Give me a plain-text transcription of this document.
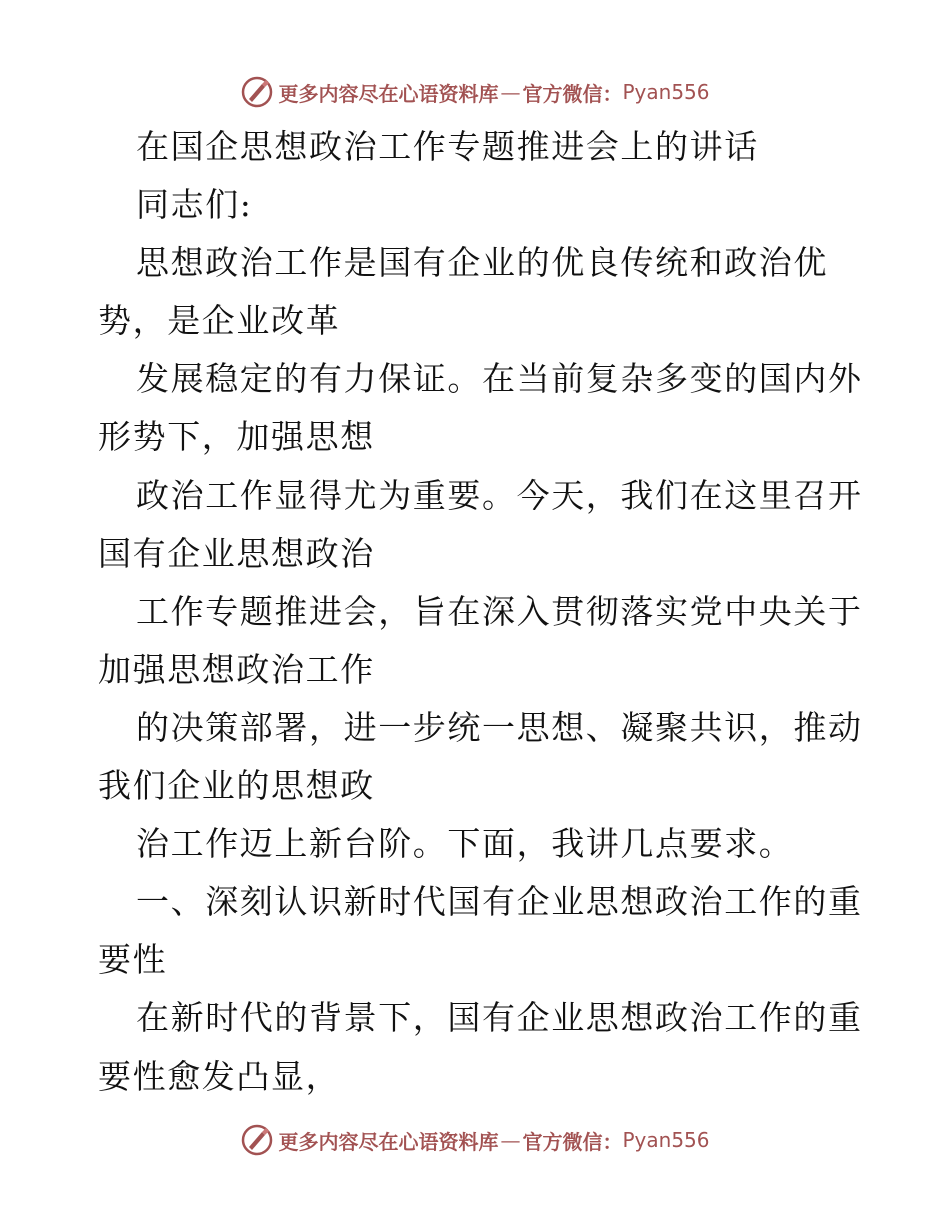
更多内容尽在心语资料库 — 官方微信： Pyan556
在国企思想政治工作专题推进会上的讲话
同志们:
思想政治工作是国有企业的优良传统和政治优
势，是企业改革
发展稳定的有力保证。在当前复杂多变的国内外
形势下，加强思想
政治工作显得尤为重要。今天，我们在这里召开
国有企业思想政治
工作专题推进会，旨在深入贯彻落实党中央关于
加强思想政治工作
的决策部署，进一步统一思想、凝聚共识，推动
我们企业的思想政
治工作迈上新台阶。下面，我讲几点要求。
一、深刻认识新时代国有企业思想政治工作的重
要性
在新时代的背景下，国有企业思想政治工作的重
要性愈发凸显，
更多内容尽在心语资料库 — 官方微信： Pyan556
